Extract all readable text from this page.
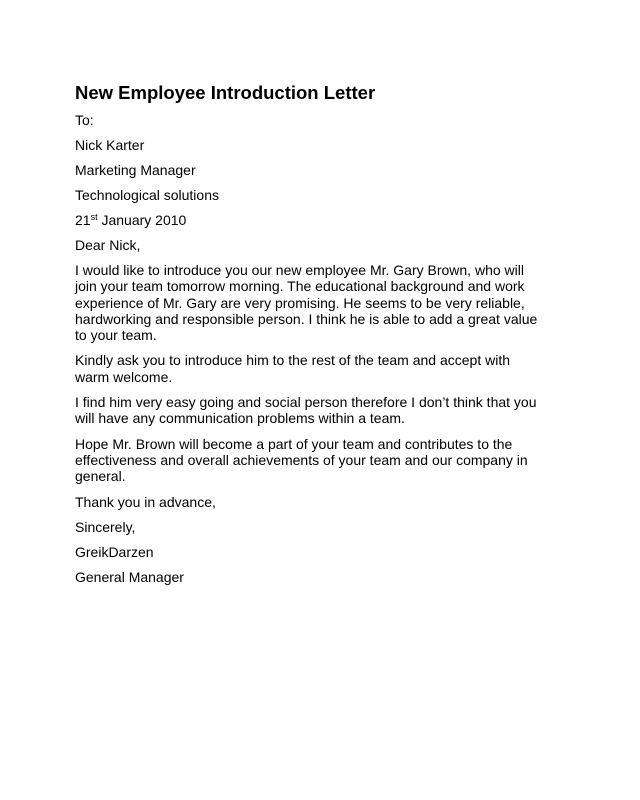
New Employee Introduction Letter
To:
Nick Karter
Marketing Manager
Technological solutions
21st January 2010
Dear Nick,
I would like to introduce you our new employee Mr. Gary Brown, who will
join your team tomorrow morning. The educational background and work
experience of Mr. Gary are very promising. He seems to be very reliable,
hardworking and responsible person. I think he is able to add a great value
to your team.
Kindly ask you to introduce him to the rest of the team and accept with
warm welcome.
I find him very easy going and social person therefore I don’t think that you
will have any communication problems within a team.
Hope Mr. Brown will become a part of your team and contributes to the
effectiveness and overall achievements of your team and our company in
general.
Thank you in advance,
Sincerely,
GreikDarzen
General Manager
